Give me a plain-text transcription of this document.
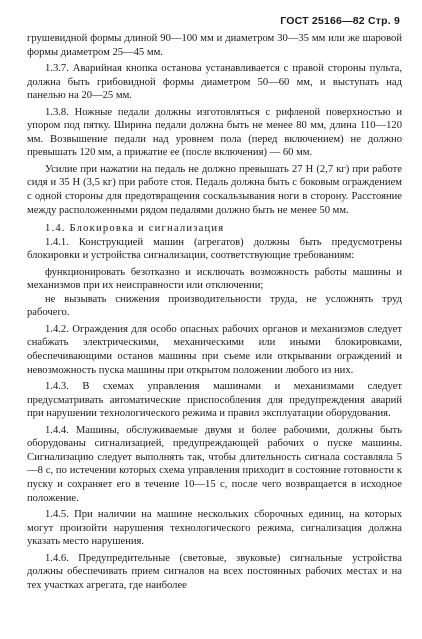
ГОСТ 25166—82 Стр. 9

грушевидной формы длиной 90—100 мм и диаметром 30—35 мм или же шаровой формы диаметром 25—45 мм.

1.3.7. Аварийная кнопка останова устанавливается с правой стороны пульта, должна быть грибовидной формы диаметром 50—60 мм, и выступать над панелью на 20—25 мм.

1.3.8. Ножные педали должны изготовляться с рифленой поверхностью и упором под пятку. Ширина педали должна быть не менее 80 мм, длина 110—120 мм. Возвышение педали над уровнем пола (перед включением) не должно превышать 120 мм, а прижатие ее (после включения) — 60 мм.

Усилие при нажатии на педаль не должно превышать 27 Н (2,7 кг) при работе сидя и 35 Н (3,5 кг) при работе стоя. Педаль должна быть с боковым ограждением с одной стороны для предотвращения соскальзывания ноги в сторону. Расстояние между расположенными рядом педалями должно быть не менее 50 мм.

1.4. Блокировка и сигнализация

1.4.1. Конструкцией машин (агрегатов) должны быть предусмотрены блокировки и устройства сигнализации, соответствующие требованиям:

функционировать безотказно и исключать возможность работы машины и механизмов при их неисправности или отключении;

не вызывать снижения производительности труда, не усложнять труд рабочего.

1.4.2. Ограждения для особо опасных рабочих органов и механизмов следует снабжать электрическими, механическими или иными блокировками, обеспечивающими останов машины при съеме или открывании ограждений и невозможность пуска машины при открытом положении любого из них.

1.4.3. В схемах управления машинами и механизмами следует предусматривать автоматические приспособления для предупреждения аварий при нарушении технологического режима и правил эксплуатации оборудования.

1.4.4. Машины, обслуживаемые двумя и более рабочими, должны быть оборудованы сигнализацией, предупреждающей рабочих о пуске машины. Сигнализацию следует выполнять так, чтобы длительность сигнала составляла 5—8 с, по истечении которых схема управления приходит в состояние готовности к пуску и сохраняет его в течение 10—15 с, после чего возвращается в исходное положение.

1.4.5. При наличии на машине нескольких сборочных единиц, на которых могут произойти нарушения технологического режима, сигнализация должна указать место нарушения.

1.4.6. Предупредительные (световые, звуковые) сигнальные устройства должны обеспечивать прием сигналов на всех постоянных рабочих местах и на тех участках агрегата, где наиболее
